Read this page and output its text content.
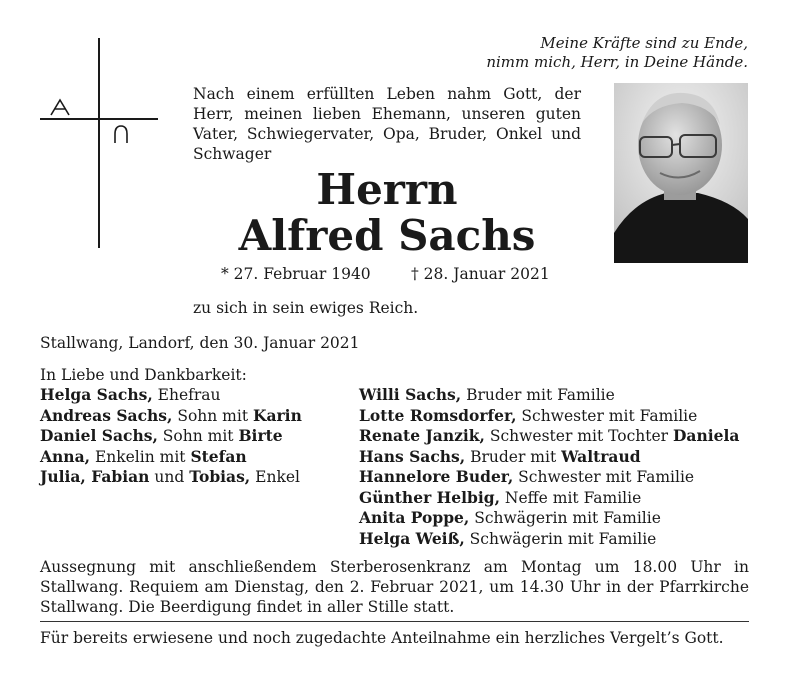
Meine Kräfte sind zu Ende,
nimm mich, Herr, in Deine Hände.
Nach einem erfüllten Leben nahm Gott, der Herr, meinen lieben Ehemann, unseren guten Vater, Schwiegervater, Opa, Bruder, Onkel und Schwager
Herrn
Alfred Sachs
* 27. Februar 1940	† 28. Januar 2021
zu sich in sein ewiges Reich.
Stallwang, Landorf, den 30. Januar 2021
In Liebe und Dankbarkeit:
Helga Sachs, Ehefrau
Andreas Sachs, Sohn mit Karin
Daniel Sachs, Sohn mit Birte
Anna, Enkelin mit Stefan
Julia, Fabian und Tobias, Enkel
Willi Sachs, Bruder mit Familie
Lotte Romsdorfer, Schwester mit Familie
Renate Janzik, Schwester mit Tochter Daniela
Hans Sachs, Bruder mit Waltraud
Hannelore Buder, Schwester mit Familie
Günther Helbig, Neffe mit Familie
Anita Poppe, Schwägerin mit Familie
Helga Weiß, Schwägerin mit Familie
Aussegnung mit anschließendem Sterberosenkranz am Montag um 18.00 Uhr in Stallwang. Requiem am Dienstag, den 2. Februar 2021, um 14.30 Uhr in der Pfarrkirche Stallwang. Die Beerdigung findet in aller Stille statt.
Für bereits erwiesene und noch zugedachte Anteilnahme ein herzliches Vergelt’s Gott.
